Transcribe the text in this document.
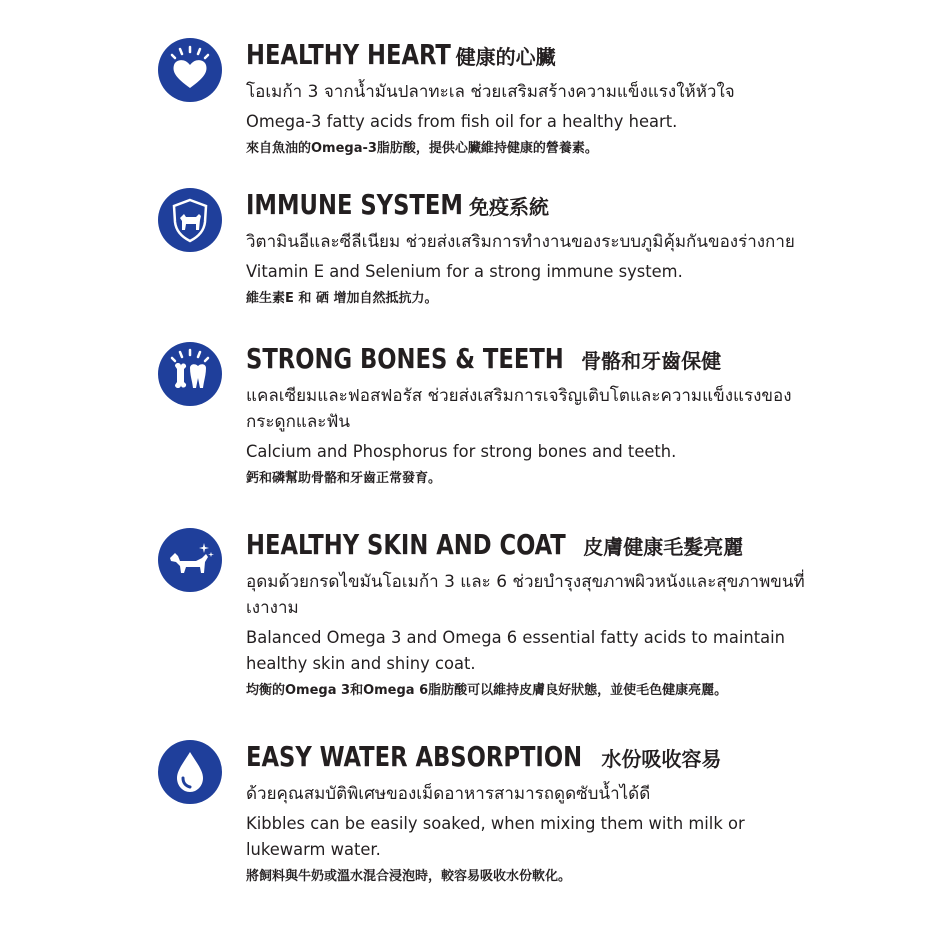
HEALTHY HEART 健康的心臟
โอเมก้า 3 จากน้ำมันปลาทะเล ช่วยเสริมสร้างความแข็งแรงให้หัวใจ
Omega-3 fatty acids from fish oil for a healthy heart.
來自魚油的Omega-3脂肪酸，提供心臟維持健康的營養素。
IMMUNE SYSTEM 免疫系統
วิตามินอีและซีลีเนียม ช่วยส่งเสริมการทำงานของระบบภูมิคุ้มกันของร่างกาย
Vitamin E and Selenium for a strong immune system.
維生素E 和 硒 增加自然抵抗力。
STRONG BONES & TEETH 骨骼和牙齒保健
แคลเซียมและฟอสฟอรัส ช่วยส่งเสริมการเจริญเติบโตและความแข็งแรงของกระดูกและฟัน
Calcium and Phosphorus for strong bones and teeth.
鈣和磷幫助骨骼和牙齒正常發育。
HEALTHY SKIN AND COAT 皮膚健康毛髮亮麗
อุดมด้วยกรดไขมันโอเมก้า 3 และ 6 ช่วยบำรุงสุขภาพผิวหนังและสุขภาพขนที่เงางาม
Balanced Omega 3 and Omega 6 essential fatty acids to maintain healthy skin and shiny coat.
均衡的Omega 3和Omega 6脂肪酸可以維持皮膚良好狀態，並使毛色健康亮麗。
EASY WATER ABSORPTION 水份吸收容易
ด้วยคุณสมบัติพิเศษของเม็ดอาหารสามารถดูดซับน้ำได้ดี
Kibbles can be easily soaked, when mixing them with milk or lukewarm water.
將飼料與牛奶或溫水混合浸泡時，較容易吸收水份軟化。
